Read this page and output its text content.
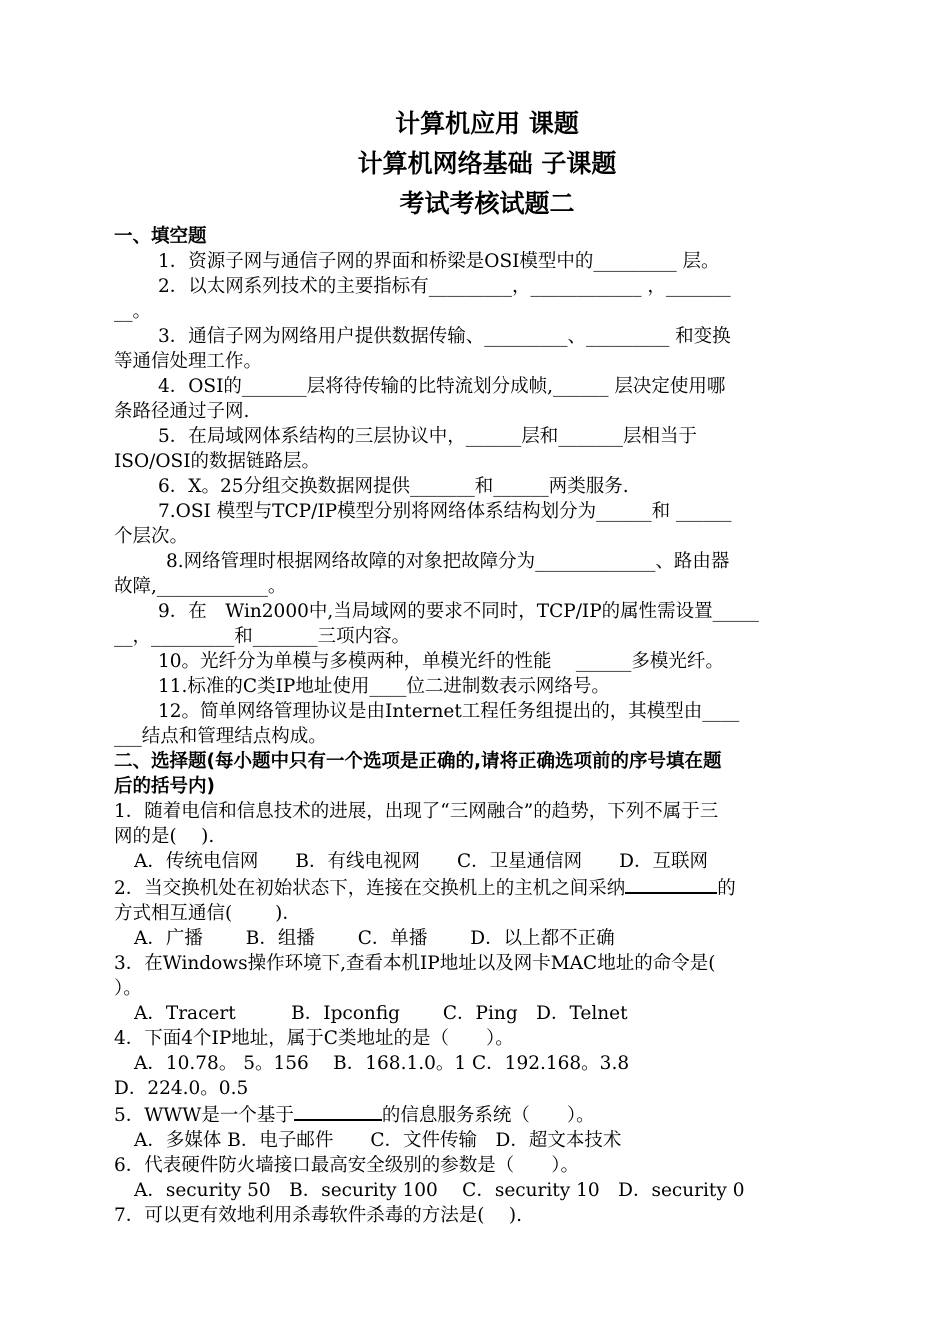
计算机应用 课题
计算机网络基础 子课题
考试考核试题二

一、填空题

1．资源子网与通信子网的界面和桥梁是OSI模型中的_________ 层。

2．以太网系列技术的主要指标有_________，____________ ，_______

__。

3．通信子网为网络用户提供数据传输、_________、_________ 和变换

等通信处理工作。

4．OSI的_______层将待传输的比特流划分成帧,______ 层决定使用哪

条路径通过子网.

5．在局域网体系结构的三层协议中，______层和_______层相当于

ISO/OSI的数据链路层。

6．X。25分组交换数据网提供_______和______两类服务.

7.OSI 模型与TCP/IP模型分别将网络体系结构划分为______和 ______

个层次。

8.网络管理时根据网络故障的对象把故障分为_____________、路由器

故障,____________。

9．在　Win2000中,当局域网的要求不同时，TCP/IP的属性需设置_____

__，_________和_______三项内容。

10。光纤分为单模与多模两种，单模光纤的性能　 ______多模光纤。

11.标准的C类IP地址使用____位二进制数表示网络号。

12。简单网络管理协议是由Internet工程任务组提出的，其模型由____

___结点和管理结点构成。

二、选择题(每小题中只有一个选项是正确的,请将正确选项前的序号填在题

后的括号内)

1．随着电信和信息技术的进展，出现了“三网融合”的趋势，下列不属于三

网的是(　 ).

A．传统电信网　　B．有线电视网　　C．卫星通信网　　D．互联网

2．当交换机处在初始状态下，连接在交换机上的主机之间采纳	的

方式相互通信(　　 )．

A．广播　　 B．组播　　 C．单播　　 D．以上都不正确

3．在Windows操作环境下,查看本机IP地址以及网卡MAC地址的命令是(

）。

A．Tracert　　　B．Ipconfig　　 C．Ping　D．Telnet

4．下面4个IP地址，属于C类地址的是（　　）。

A．10.78。 5。156　 B．168.1.0。1 C．192.168。3.8

D．224.0。0.5

5．WWW是一个基于	的信息服务系统（　　）。

A．多媒体 B．电子邮件　　C．文件传输　D．超文本技术

6．代表硬件防火墙接口最高安全级别的参数是（　　）。

A．security 50　B．security 100　 C．security 10　D．security 0

7．可以更有效地利用杀毒软件杀毒的方法是(　 ).
